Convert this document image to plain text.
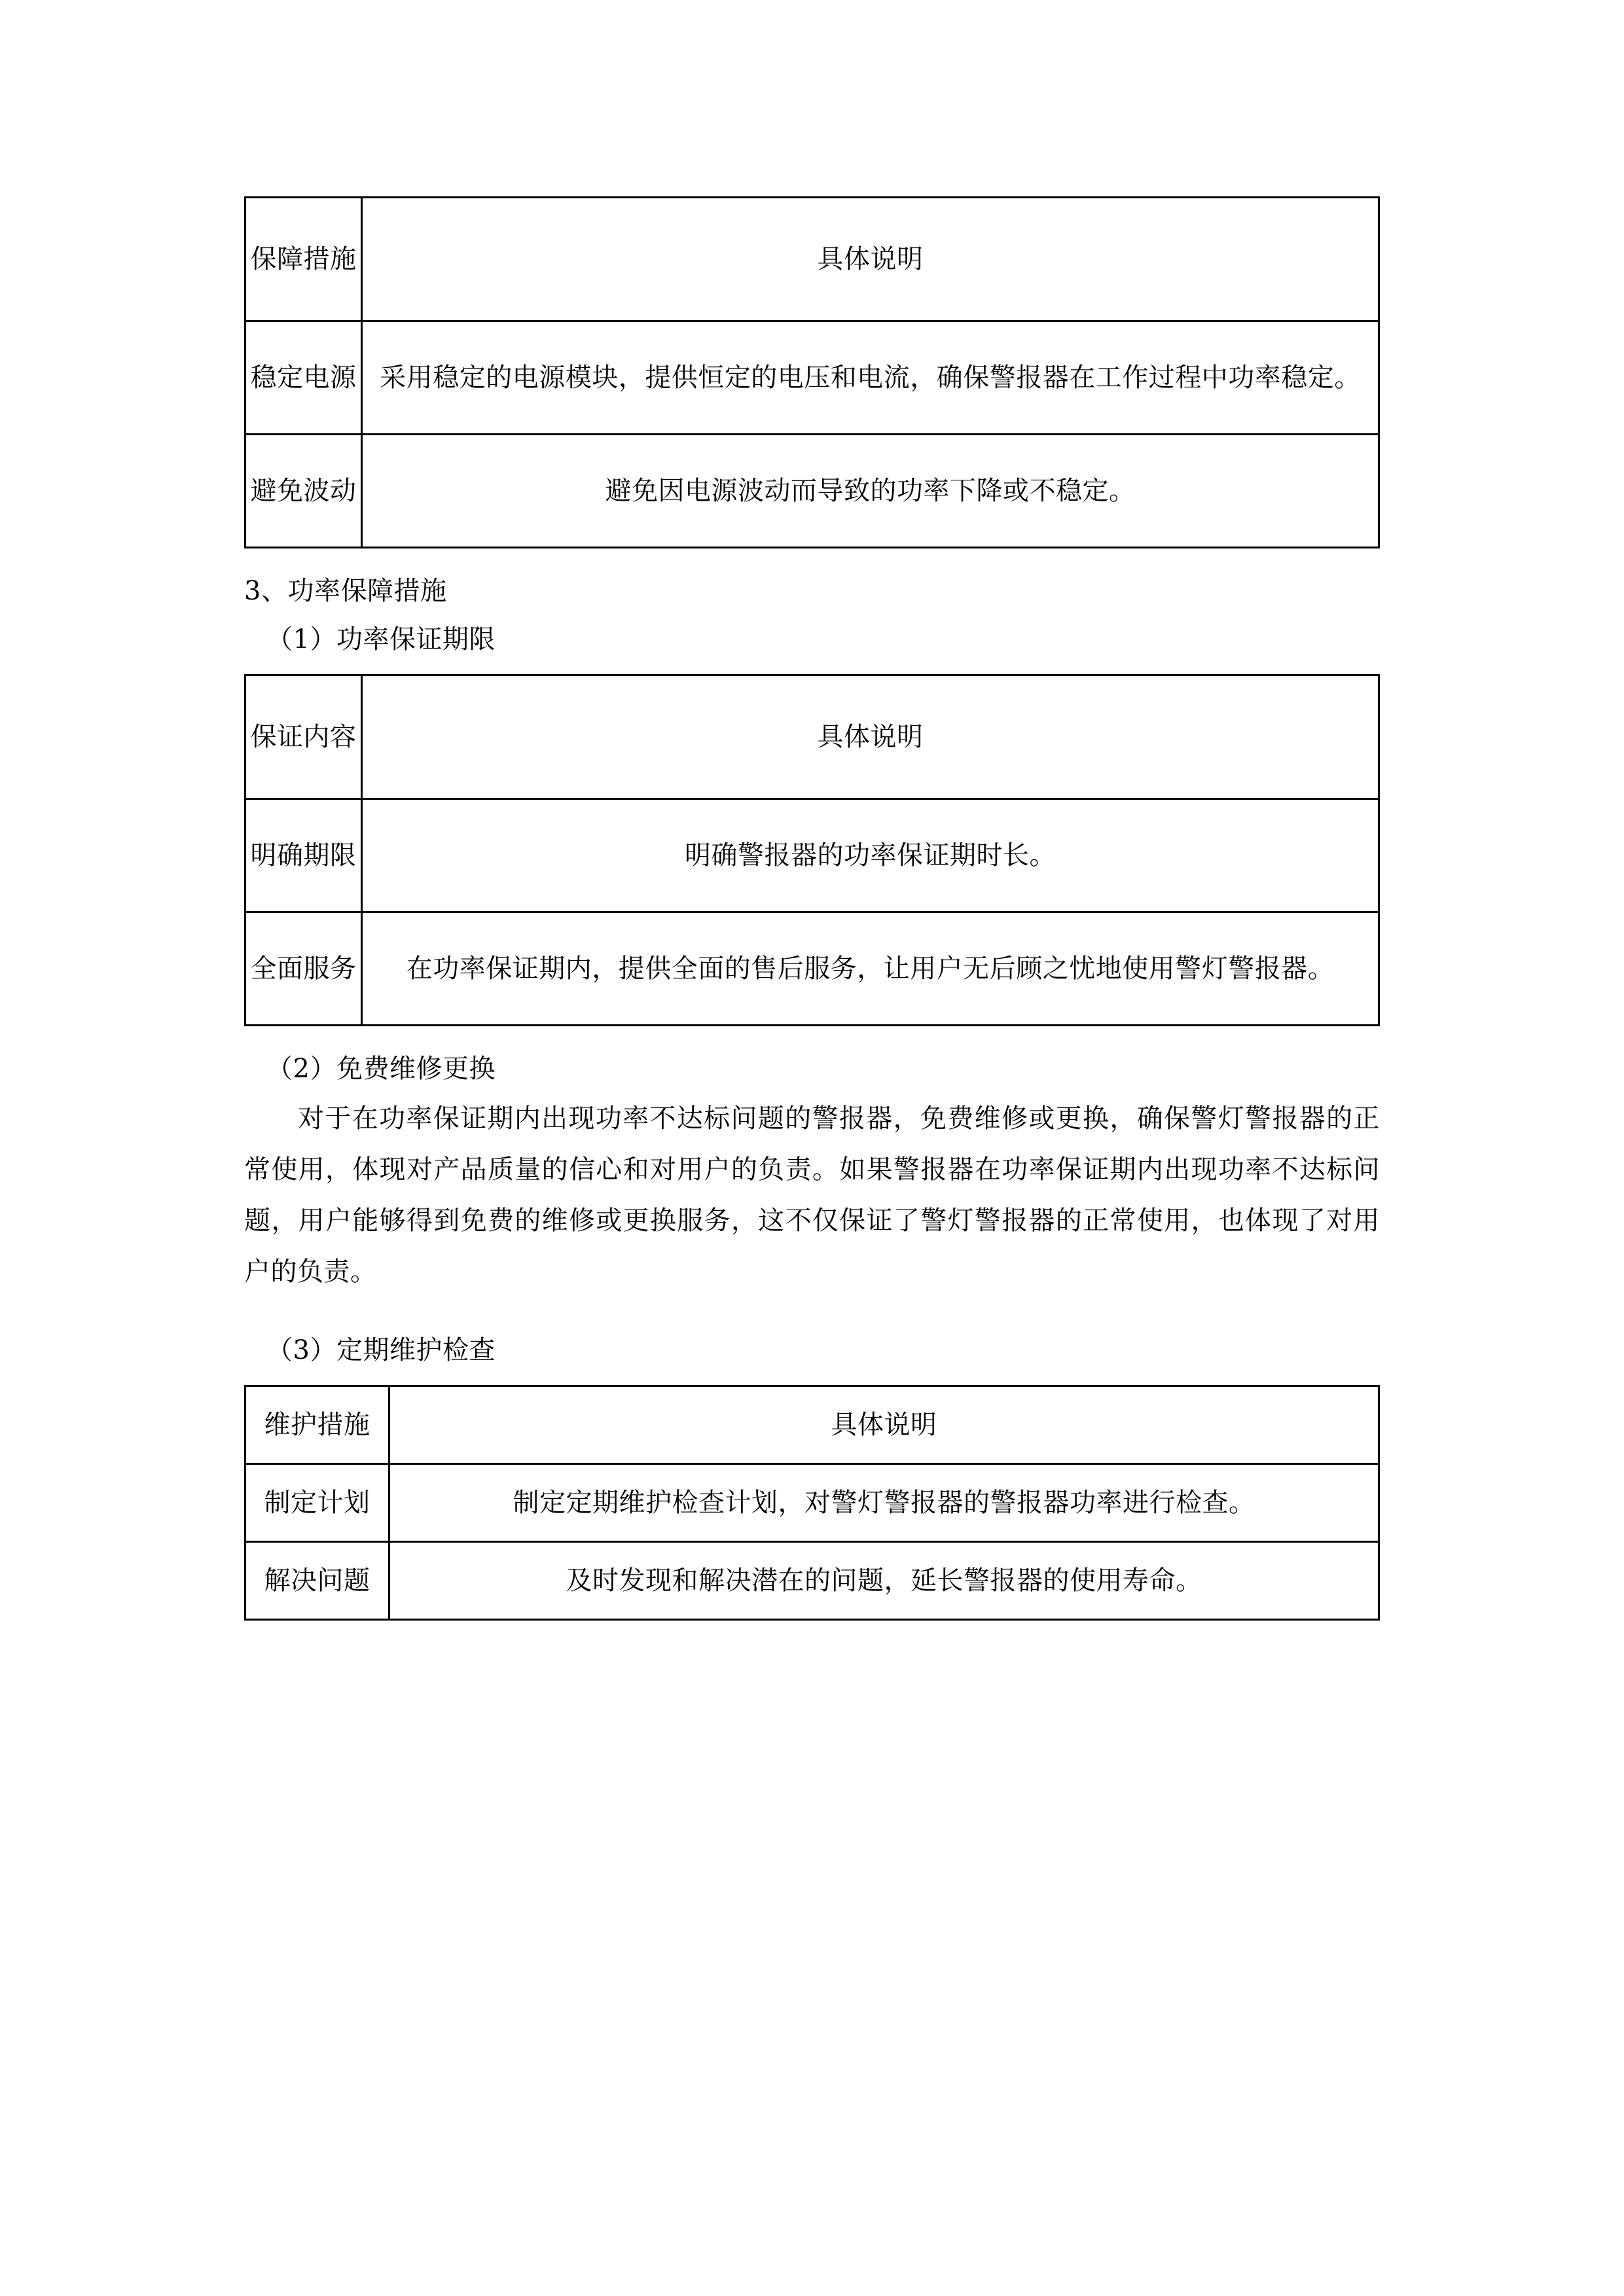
保障措施	具体说明
稳定电源	采用稳定的电源模块，提供恒定的电压和电流，确保警报器在工作过程中功率稳定。
避免波动	避免因电源波动而导致的功率下降或不稳定。

3、功率保障措施

（1）功率保证期限

保证内容	具体说明
明确期限	明确警报器的功率保证期时长。
全面服务	在功率保证期内，提供全面的售后服务，让用户无后顾之忧地使用警灯警报器。

（2）免费维修更换

对于在功率保证期内出现功率不达标问题的警报器，免费维修或更换，确保警灯警报器的正常使用，体现对产品质量的信心和对用户的负责。如果警报器在功率保证期内出现功率不达标问题，用户能够得到免费的维修或更换服务，这不仅保证了警灯警报器的正常使用，也体现了对用户的负责。

（3）定期维护检查

维护措施	具体说明
制定计划	制定定期维护检查计划，对警灯警报器的警报器功率进行检查。
解决问题	及时发现和解决潜在的问题，延长警报器的使用寿命。
